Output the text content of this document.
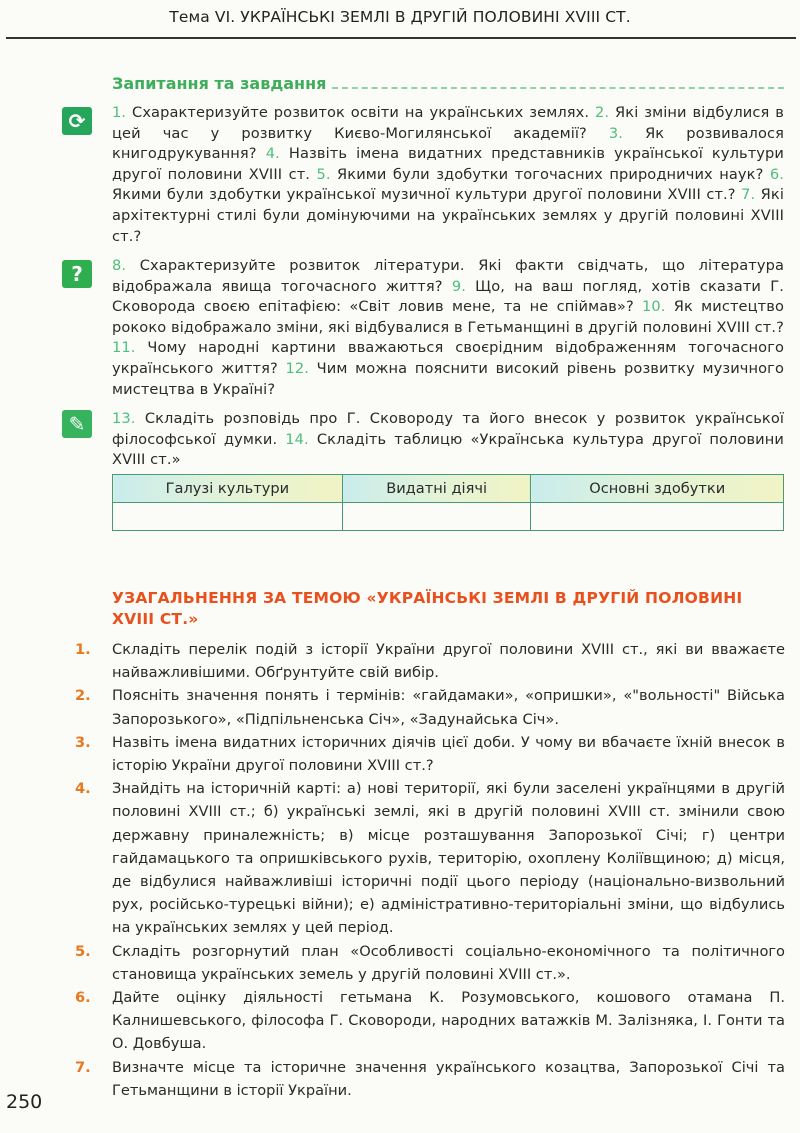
Тема VI. УКРАЇНСЬКІ ЗЕМЛІ В ДРУГІЙ ПОЛОВИНІ XVIII СТ.
Запитання та завдання
⟳	1. Схарактеризуйте розвиток освіти на українських землях. 2. Які зміни відбулися в цей час у розвитку Києво-Могилянської академії? 3. Як розвивалося книгодрукування? 4. Назвіть імена видатних представників української культури другої половини XVIII ст. 5. Якими були здобутки тогочасних природничих наук? 6. Якими були здобутки української музичної культури другої половини XVIII ст.? 7. Які архітектурні стилі були домінуючими на українських землях у другій половині XVIII ст.?
?	8. Схарактеризуйте розвиток літератури. Які факти свідчать, що література відображала явища тогочасного життя? 9. Що, на ваш погляд, хотів сказати Г. Сковорода своєю епітафією: «Світ ловив мене, та не спіймав»? 10. Як мистецтво рококо відображало зміни, які відбувалися в Гетьманщині в другій половині XVIII ст.? 11. Чому народні картини вважаються своєрідним відображенням тогочасного українського життя? 12. Чим можна пояснити високий рівень розвитку музичного мистецтва в Україні?
✎	13. Складіть розповідь про Г. Сковороду та його внесок у розвиток української філософської думки. 14. Складіть таблицю «Українська культура другої половини XVIII ст.»
Галузі культури	Видатні діячі	Основні здобутки

УЗАГАЛЬНЕННЯ ЗА ТЕМОЮ «УКРАЇНСЬКІ ЗЕМЛІ В ДРУГІЙ ПОЛОВИНІ XVIII СТ.»
1.	Складіть перелік подій з історії України другої половини XVIII ст., які ви вважаєте найважливішими. Обґрунтуйте свій вибір.
2.	Поясніть значення понять і термінів: «гайдамаки», «опришки», «"вольності" Війська Запорозького», «Підпільненська Січ», «Задунайська Січ».
3.	Назвіть імена видатних історичних діячів цієї доби. У чому ви вбачаєте їхній внесок в історію України другої половини XVIII ст.?
4.	Знайдіть на історичній карті: а) нові території, які були заселені українцями в другій половині XVIII ст.; б) українські землі, які в другій половині XVIII ст. змінили свою державну приналежність; в) місце розташування Запорозької Січі; г) центри гайдамацького та опришківського рухів, територію, охоплену Коліївщиною; д) місця, де відбулися найважливіші історичні події цього періоду (національно-визвольний рух, російсько-турецькі війни); е) адміністративно-територіальні зміни, що відбулись на українських землях у цей період.
5.	Складіть розгорнутий план «Особливості соціально-економічного та політичного становища українських земель у другій половині XVIII ст.».
6.	Дайте оцінку діяльності гетьмана К. Розумовського, кошового отамана П. Калнишевського, філософа Г. Сковороди, народних ватажків М. Залізняка, І. Гонти та О. Довбуша.
7.	Визначте місце та історичне значення українського козацтва, Запорозької Січі та Гетьманщини в історії України.
250
